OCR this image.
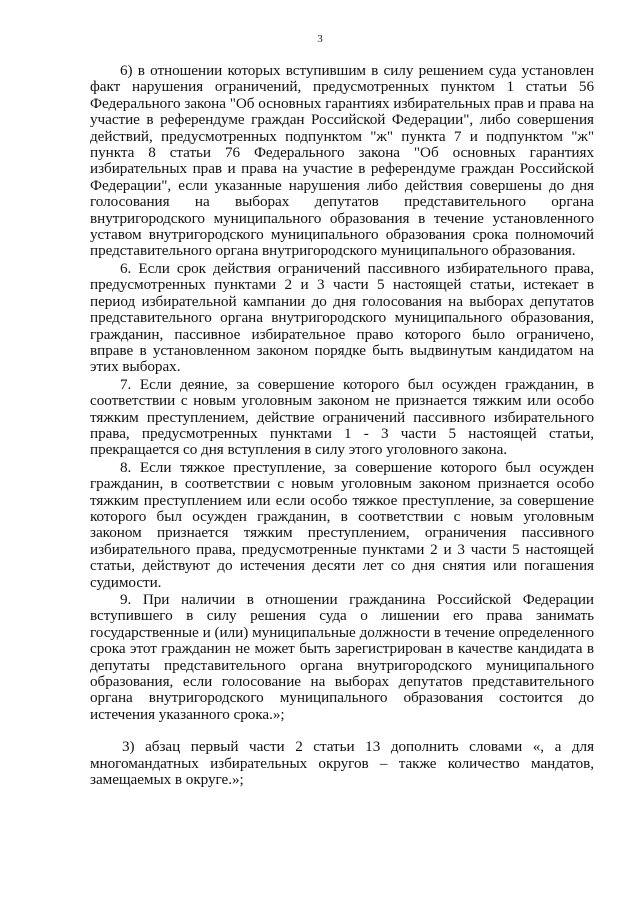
3

6) в отношении которых вступившим в силу решением суда установлен факт нарушения ограничений, предусмотренных пунктом 1 статьи 56 Федерального закона "Об основных гарантиях избирательных прав и права на участие в референдуме граждан Российской Федерации", либо совершения действий, предусмотренных подпунктом "ж" пункта 7 и подпунктом "ж" пункта 8 статьи 76 Федерального закона "Об основных гарантиях избирательных прав и права на участие в референдуме граждан Российской Федерации", если указанные нарушения либо действия совершены до дня голосования на выборах депутатов представительного органа внутригородского муниципального образования в течение установленного уставом внутригородского муниципального образования срока полномочий представительного органа внутригородского муниципального образования.

6. Если срок действия ограничений пассивного избирательного права, предусмотренных пунктами 2 и 3 части 5 настоящей статьи, истекает в период избирательной кампании до дня голосования на выборах депутатов представительного органа внутригородского муниципального образования, гражданин, пассивное избирательное право которого было ограничено, вправе в установленном законом порядке быть выдвинутым кандидатом на этих выборах.

7. Если деяние, за совершение которого был осужден гражданин, в соответствии с новым уголовным законом не признается тяжким или особо тяжким преступлением, действие ограничений пассивного избирательного права, предусмотренных пунктами 1 - 3 части 5 настоящей статьи, прекращается со дня вступления в силу этого уголовного закона.

8. Если тяжкое преступление, за совершение которого был осужден гражданин, в соответствии с новым уголовным законом признается особо тяжким преступлением или если особо тяжкое преступление, за совершение которого был осужден гражданин, в соответствии с новым уголовным законом признается тяжким преступлением, ограничения пассивного избирательного права, предусмотренные пунктами 2 и 3 части 5 настоящей статьи, действуют до истечения десяти лет со дня снятия или погашения судимости.

9. При наличии в отношении гражданина Российской Федерации вступившего в силу решения суда о лишении его права занимать государственные и (или) муниципальные должности в течение определенного срока этот гражданин не может быть зарегистрирован в качестве кандидата в депутаты представительного органа внутригородского муниципального образования, если голосование на выборах депутатов представительного органа внутригородского муниципального образования состоится до истечения указанного срока.»;

3) абзац первый части 2 статьи 13 дополнить словами «, а для многомандатных избирательных округов – также количество мандатов, замещаемых в округе.»;
